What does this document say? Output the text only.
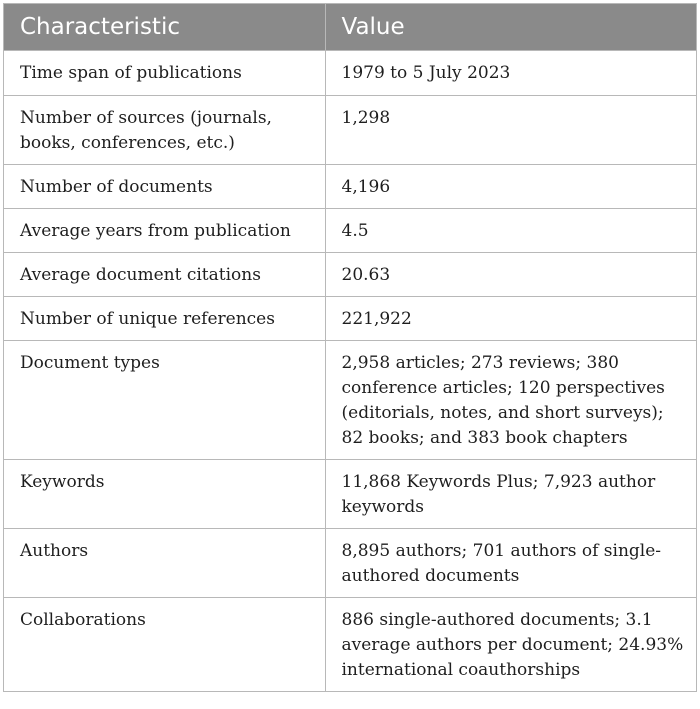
Characteristic	Value
Time span of publications	1979 to 5 July 2023
Number of sources (journals, books, conferences, etc.)	1,298
Number of documents	4,196
Average years from publication	4.5
Average document citations	20.63
Number of unique references	221,922
Document types	2,958 articles; 273 reviews; 380 conference articles; 120 perspectives (editorials, notes, and short surveys); 82 books; and 383 book chapters
Keywords	11,868 Keywords Plus; 7,923 author keywords
Authors	8,895 authors; 701 authors of single-authored documents
Collaborations	886 single-authored documents; 3.1 average authors per document; 24.93% international coauthorships
